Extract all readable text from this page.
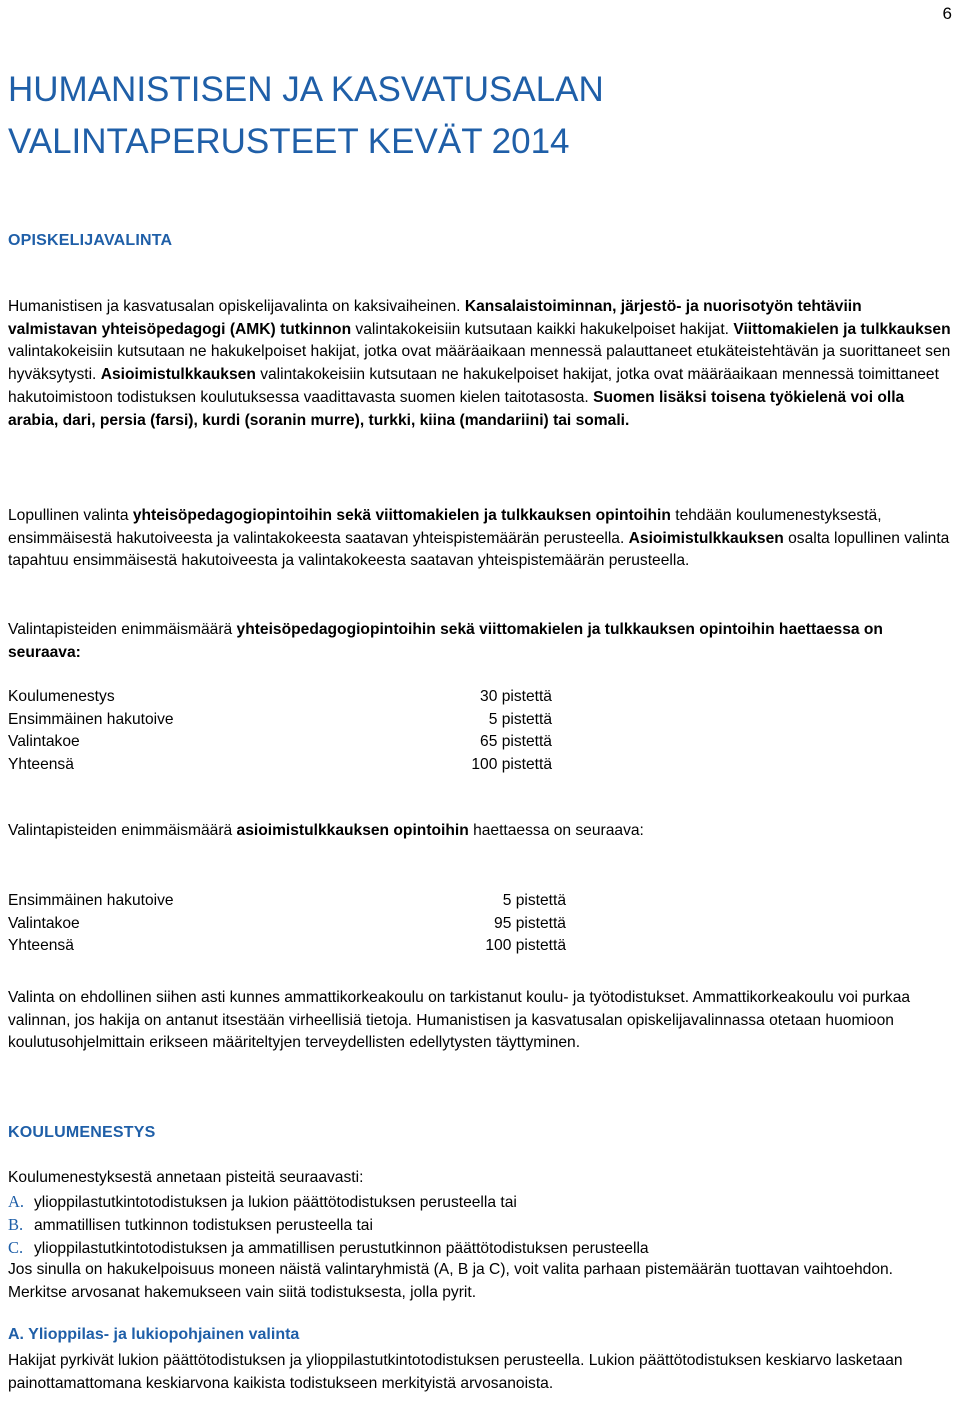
6
HUMANISTISEN JA KASVATUSALAN
VALINTAPERUSTEET KEVÄT 2014
OPISKELIJAVALINTA

Humanistisen ja kasvatusalan opiskelijavalinta on kaksivaiheinen. Kansalaistoiminnan, järjestö- ja nuorisotyön tehtäviin valmistavan yhteisöpedagogi (AMK) tutkinnon valintakokeisiin kutsutaan kaikki hakukelpoiset hakijat. Viittomakielen ja tulkkauksen valintakokeisiin kutsutaan ne hakukelpoiset hakijat, jotka ovat määräaikaan mennessä palauttaneet etukäteistehtävän ja suorittaneet sen hyväksytysti. Asioimistulkkauksen valintakokeisiin kutsutaan ne hakukelpoiset hakijat, jotka ovat määräaikaan mennessä toimittaneet hakutoimistoon todistuksen koulutuksessa vaadittavasta suomen kielen taitotasosta. Suomen lisäksi toisena työkielenä voi olla arabia, dari, persia (farsi), kurdi (soranin murre), turkki, kiina (mandariini) tai somali.

Lopullinen valinta yhteisöpedagogiopintoihin sekä viittomakielen ja tulkkauksen opintoihin tehdään koulumenestyksestä, ensimmäisestä hakutoiveesta ja valintakokeesta saatavan yhteispistemäärän perusteella. Asioimistulkkauksen osalta lopullinen valinta tapahtuu ensimmäisestä hakutoiveesta ja valintakokeesta saatavan yhteispistemäärän perusteella.

Valintapisteiden enimmäismäärä yhteisöpedagogiopintoihin sekä viittomakielen ja tulkkauksen opintoihin haettaessa on seuraava:

Koulumenestys	30 pistettä
Ensimmäinen hakutoive	5 pistettä
Valintakoe	65 pistettä
Yhteensä	100 pistettä

Valintapisteiden enimmäismäärä asioimistulkkauksen opintoihin haettaessa on seuraava:

Ensimmäinen hakutoive	5 pistettä
Valintakoe	95 pistettä
Yhteensä	100 pistettä

Valinta on ehdollinen siihen asti kunnes ammattikorkeakoulu on tarkistanut koulu- ja työtodistukset. Ammattikorkeakoulu voi purkaa valinnan, jos hakija on antanut itsestään virheellisiä tietoja. Humanistisen ja kasvatusalan opiskelijavalinnassa otetaan huomioon koulutusohjelmittain erikseen määriteltyjen terveydellisten edellytysten täyttyminen.

KOULUMENESTYS

Koulumenestyksestä annetaan pisteitä seuraavasti:

A. ylioppilastutkintotodistuksen ja lukion päättötodistuksen perusteella tai
B. ammatillisen tutkinnon todistuksen perusteella tai
C. ylioppilastutkintotodistuksen ja ammatillisen perustutkinnon päättötodistuksen perusteella

Jos sinulla on hakukelpoisuus moneen näistä valintaryhmistä (A, B ja C), voit valita parhaan pistemäärän tuottavan vaihtoehdon. Merkitse arvosanat hakemukseen vain siitä todistuksesta, jolla pyrit.

A. Ylioppilas- ja lukiopohjainen valinta

Hakijat pyrkivät lukion päättötodistuksen ja ylioppilastutkintotodistuksen perusteella. Lukion päättötodistuksen keskiarvo lasketaan painottamattomana keskiarvona kaikista todistukseen merkityistä arvosanoista.
